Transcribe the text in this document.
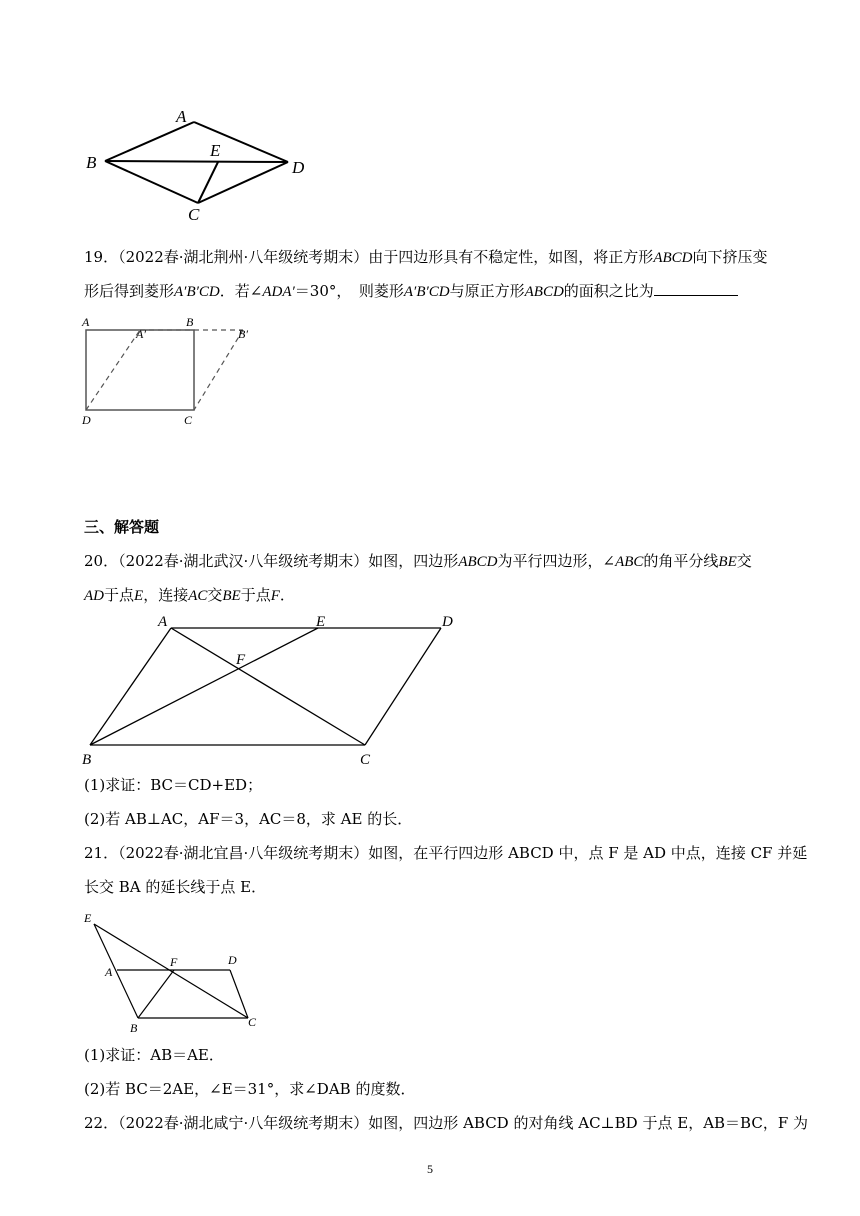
A
B
E
D
C
19．（2022春·湖北荆州·八年级统考期末）由于四边形具有不稳定性，如图，将正方形ABCD向下挤压变
形后得到菱形A′B′CD．若∠ADA′＝30°，　则菱形A′B′CD与原正方形ABCD的面积之比为
A
A′
B
B′
D	C
三、解答题
20．（2022春·湖北武汉·八年级统考期末）如图，四边形ABCD为平行四边形，∠ABC的角平分线BE交
AD于点E，连接AC交BE于点F．
A	E	D
F
B	C
(1)求证：BC＝CD+ED；
(2)若 AB⊥AC，AF＝3，AC＝8，求 AE 的长．
21．（2022春·湖北宜昌·八年级统考期末）如图，在平行四边形 ABCD 中，点 F 是 AD 中点，连接 CF 并延
长交 BA 的延长线于点 E．
E
A
F	D
B	C
(1)求证：AB＝AE．
(2)若 BC＝2AE，∠E＝31°，求∠DAB 的度数．
22．（2022春·湖北咸宁·八年级统考期末）如图，四边形 ABCD 的对角线 AC⊥BD 于点 E，AB＝BC，F 为
5
